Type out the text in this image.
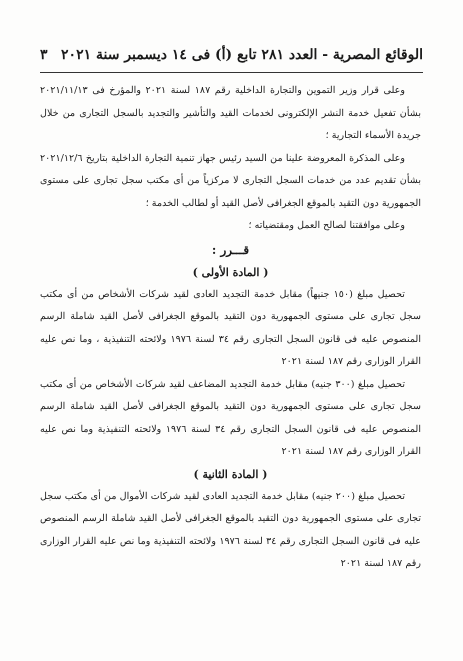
الوقائع المصرية - العدد ٢٨١ تابع (أ) فى ١٤ ديسمبر سنة ٢٠٢١
٣

وعلى قرار وزير التموين والتجارة الداخلية رقم ١٨٧ لسنة ٢٠٢١ والمؤرخ فى ٢٠٢١/١١/١٣ بشأن تفعيل خدمة النشر الإلكترونى لخدمات القيد والتأشير والتجديد بالسجل التجارى من خلال جريدة الأسماء التجارية ؛

وعلى المذكرة المعروضة علينا من السيد رئيس جهاز تنمية التجارة الداخلية بتاريخ ٢٠٢١/١٢/٦ بشأن تقديم عدد من خدمات السجل التجارى لا مركزياً من أى مكتب سجل تجارى على مستوى الجمهورية دون التقيد بالموقع الجغرافى لأصل القيد أو لطالب الخدمة ؛

وعلى موافقتنا لصالح العمل ومقتضياته ؛

قـــرر :

( المادة الأولى )

تحصيل مبلغ (١٥٠ جنيهاً) مقابل خدمة التجديد العادى لقيد شركات الأشخاص من أى مكتب سجل تجارى على مستوى الجمهورية دون التقيد بالموقع الجغرافى لأصل القيد شاملة الرسم المنصوص عليه فى قانون السجل التجارى رقم ٣٤ لسنة ١٩٧٦ ولائحته التنفيذية ، وما نص عليه القرار الوزارى رقم ١٨٧ لسنة ٢٠٢١

تحصيل مبلغ (٣٠٠ جنيه) مقابل خدمة التجديد المضاعف لقيد شركات الأشخاص من أى مكتب سجل تجارى على مستوى الجمهورية دون التقيد بالموقع الجغرافى لأصل القيد شاملة الرسم المنصوص عليه فى قانون السجل التجارى رقم ٣٤ لسنة ١٩٧٦ ولائحته التنفيذية وما نص عليه القرار الوزارى رقم ١٨٧ لسنة ٢٠٢١

( المادة الثانية )

تحصيل مبلغ (٢٠٠ جنيه) مقابل خدمة التجديد العادى لقيد شركات الأموال من أى مكتب سجل تجارى على مستوى الجمهورية دون التقيد بالموقع الجغرافى لأصل القيد شاملة الرسم المنصوص عليه فى قانون السجل التجارى رقم ٣٤ لسنة ١٩٧٦ ولائحته التنفيذية وما نص عليه القرار الوزارى رقم ١٨٧ لسنة ٢٠٢١
